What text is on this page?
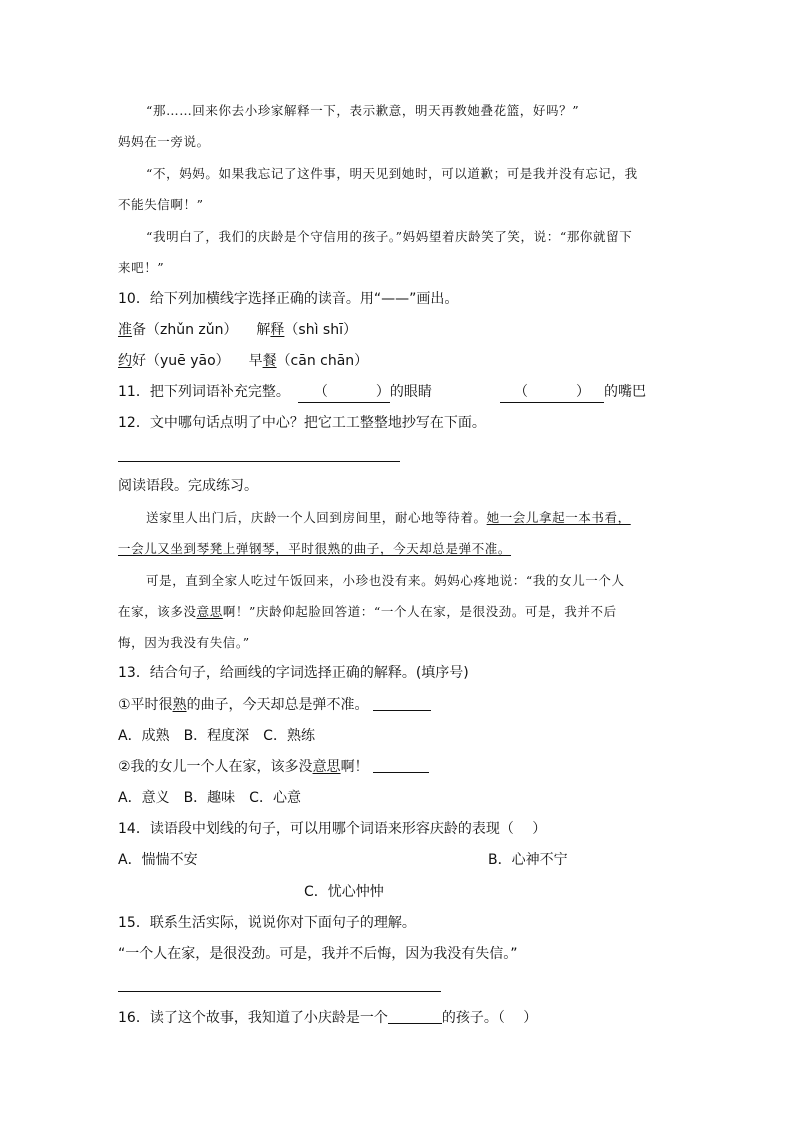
“那……回来你去小珍家解释一下，表示歉意，明天再教她叠花篮，好吗？”
妈妈在一旁说。
“不，妈妈。如果我忘记了这件事，明天见到她时，可以道歉；可是我并没有忘记，我
不能失信啊！”
“我明白了，我们的庆龄是个守信用的孩子。”妈妈望着庆龄笑了笑，说：“那你就留下
来吧！”
10．给下列加横线字选择正确的读音。用“——”画出。
准备（zhǔn zǔn） 解释（shì shī）
约好（yuē yāo） 早餐（cān chān）
11．把下列词语补充完整。 （	）的眼睛	（	） 的嘴巴
12．文中哪句话点明了中心？把它工工整整地抄写在下面。
阅读语段。完成练习。
送家里人出门后，庆龄一个人回到房间里，耐心地等待着。她一会儿拿起一本书看，
一会儿又坐到琴凳上弹钢琴，平时很熟的曲子，今天却总是弹不准。
可是，直到全家人吃过午饭回来，小珍也没有来。妈妈心疼地说：“我的女儿一个人
在家，该多没意思啊！”庆龄仰起脸回答道：“一个人在家，是很没劲。可是，我并不后
悔，因为我没有失信。”
13．结合句子，给画线的字词选择正确的解释。(填序号)
①平时很熟的曲子，今天却总是弹不准。
A．成熟　B．程度深　C．熟练
②我的女儿一个人在家，该多没意思啊！
A．意义　B．趣味　C．心意
14．读语段中划线的句子，可以用哪个词语来形容庆龄的表现（　 ）
A．惴惴不安	B．心神不宁
C．忧心忡忡
15．联系生活实际，说说你对下面句子的理解。
“一个人在家，是很没劲。可是，我并不后悔，因为我没有失信。”
16．读了这个故事，我知道了小庆龄是一个	的孩子。（　 ）
